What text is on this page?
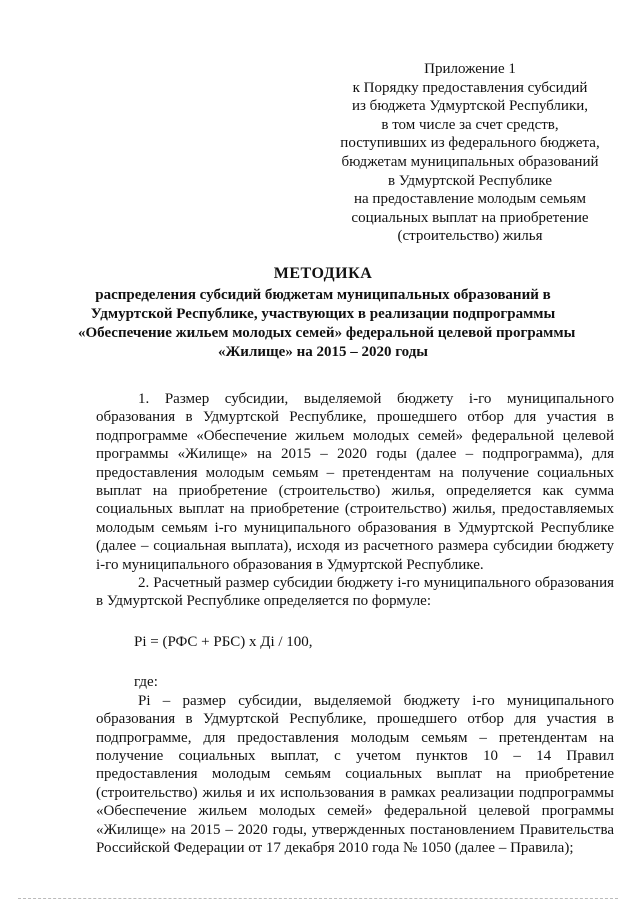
Приложение 1
к Порядку предоставления субсидий
из бюджета Удмуртской Республики,
в том числе за счет средств,
поступивших из федерального бюджета,
бюджетам муниципальных образований
в Удмуртской Республике
на предоставление молодым семьям
социальных выплат на приобретение
(строительство) жилья
МЕТОДИКА
распределения субсидий бюджетам муниципальных образований в
Удмуртской Республике, участвующих в реализации подпрограммы
«Обеспечение жильем молодых семей» федеральной целевой программы
«Жилище» на 2015 – 2020 годы

1. Размер субсидии, выделяемой бюджету i-го муниципального образования в Удмуртской Республике, прошедшего отбор для участия в подпрограмме «Обеспечение жильем молодых семей» федеральной целевой программы «Жилище» на 2015 – 2020 годы (далее – подпрограмма), для предоставления молодым семьям – претендентам на получение социальных выплат на приобретение (строительство) жилья, определяется как сумма социальных выплат на приобретение (строительство) жилья, предоставляемых молодым семьям i-го муниципального образования в Удмуртской Республике (далее – социальная выплата), исходя из расчетного размера субсидии бюджету i-го муниципального образования в Удмуртской Республике.

2. Расчетный размер субсидии бюджету i-го муниципального образования в Удмуртской Республике определяется по формуле:

Pi = (РФС + РБС) x Дi / 100,
где:

Pi – размер субсидии, выделяемой бюджету i-го муниципального образования в Удмуртской Республике, прошедшего отбор для участия в подпрограмме, для предоставления молодым семьям – претендентам на получение социальных выплат, с учетом пунктов 10 – 14 Правил предоставления молодым семьям социальных выплат на приобретение (строительство) жилья и их использования в рамках реализации подпрограммы «Обеспечение жильем молодых семей» федеральной целевой программы «Жилище» на 2015 – 2020 годы, утвержденных постановлением Правительства Российской Федерации от 17 декабря 2010 года № 1050 (далее – Правила);
